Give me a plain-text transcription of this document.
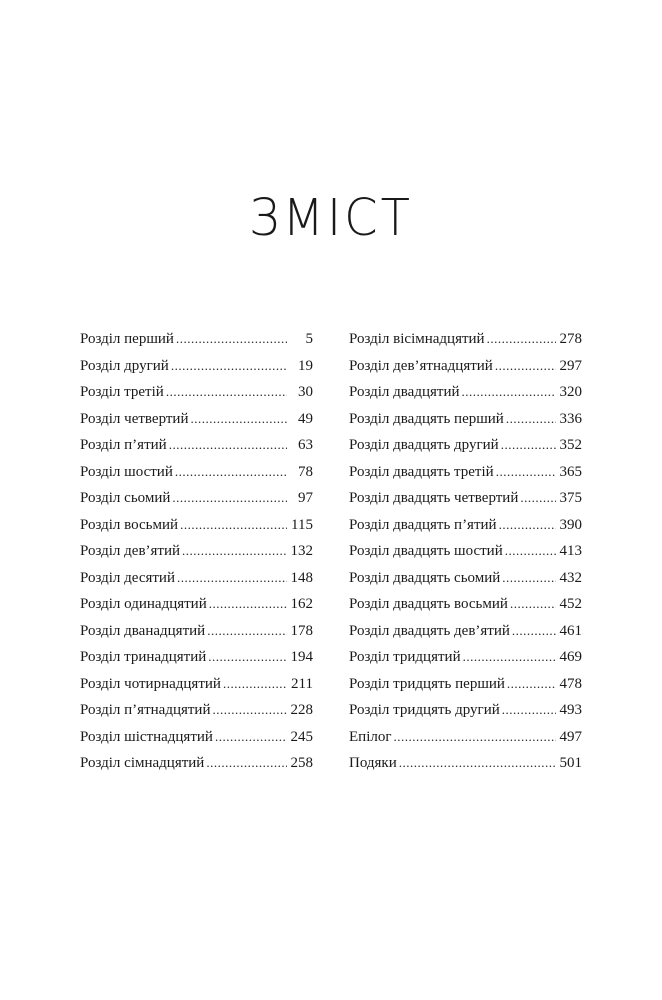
ЗМІСТ
Розділ перший .....	5
Розділ другий .....	19
Розділ третій .....	30
Розділ четвертий .....	49
Розділ п’ятий .....	63
Розділ шостий .....	78
Розділ сьомий .....	97
Розділ восьмий .....	115
Розділ дев’ятий .....	132
Розділ десятий .....	148
Розділ одинадцятий .....	162
Розділ дванадцятий .....	178
Розділ тринадцятий .....	194
Розділ чотирнадцятий .....	211
Розділ п’ятнадцятий .....	228
Розділ шістнадцятий .....	245
Розділ сімнадцятий .....	258
Розділ вісімнадцятий .....	278
Розділ дев’ятнадцятий .....	297
Розділ двадцятий .....	320
Розділ двадцять перший .....	336
Розділ двадцять другий .....	352
Розділ двадцять третій .....	365
Розділ двадцять четвертий .....	375
Розділ двадцять п’ятий .....	390
Розділ двадцять шостий .....	413
Розділ двадцять сьомий .....	432
Розділ двадцять восьмий .....	452
Розділ двадцять дев’ятий .....	461
Розділ тридцятий .....	469
Розділ тридцять перший .....	478
Розділ тридцять другий .....	493
Епілог .....	497
Подяки .....	501
